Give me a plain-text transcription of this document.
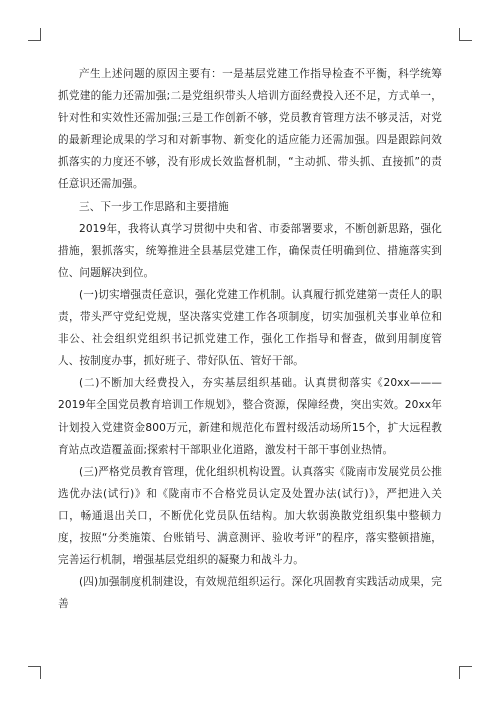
产生上述问题的原因主要有：一是基层党建工作指导检查不平衡，科学统筹抓党建的能力还需加强;二是党组织带头人培训方面经费投入还不足，方式单一，针对性和实效性还需加强;三是工作创新不够，党员教育管理方法不够灵活，对党的最新理论成果的学习和对新事物、新变化的适应能力还需加强。四是跟踪问效抓落实的力度还不够，没有形成长效监督机制，“主动抓、带头抓、直接抓”的责任意识还需加强。

三、下一步工作思路和主要措施

2019年，我将认真学习贯彻中央和省、市委部署要求，不断创新思路，强化措施，狠抓落实，统筹推进全县基层党建工作，确保责任明确到位、措施落实到位、问题解决到位。

(一)切实增强责任意识，强化党建工作机制。认真履行抓党建第一责任人的职责，带头严守党纪党规，坚决落实党建工作各项制度，切实加强机关事业单位和非公、社会组织党组织书记抓党建工作，强化工作指导和督查，做到用制度管人、按制度办事，抓好班子、带好队伍、管好干部。

(二)不断加大经费投入，夯实基层组织基础。认真贯彻落实《20xx———2019年全国党员教育培训工作规划》，整合资源，保障经费，突出实效。20xx年计划投入党建资金800万元，新建和规范化布置村级活动场所15个，扩大远程教育站点改造覆盖面;探索村干部职业化道路，激发村干部干事创业热情。

(三)严格党员教育管理，优化组织机构设置。认真落实《陇南市发展党员公推选优办法(试行)》和《陇南市不合格党员认定及处置办法(试行)》，严把进入关口，畅通退出关口，不断优化党员队伍结构。加大软弱涣散党组织集中整顿力度，按照“分类施策、台账销号、满意测评、验收考评”的程序，落实整顿措施，完善运行机制，增强基层党组织的凝聚力和战斗力。

(四)加强制度机制建设，有效规范组织运行。深化巩固教育实践活动成果，完善
